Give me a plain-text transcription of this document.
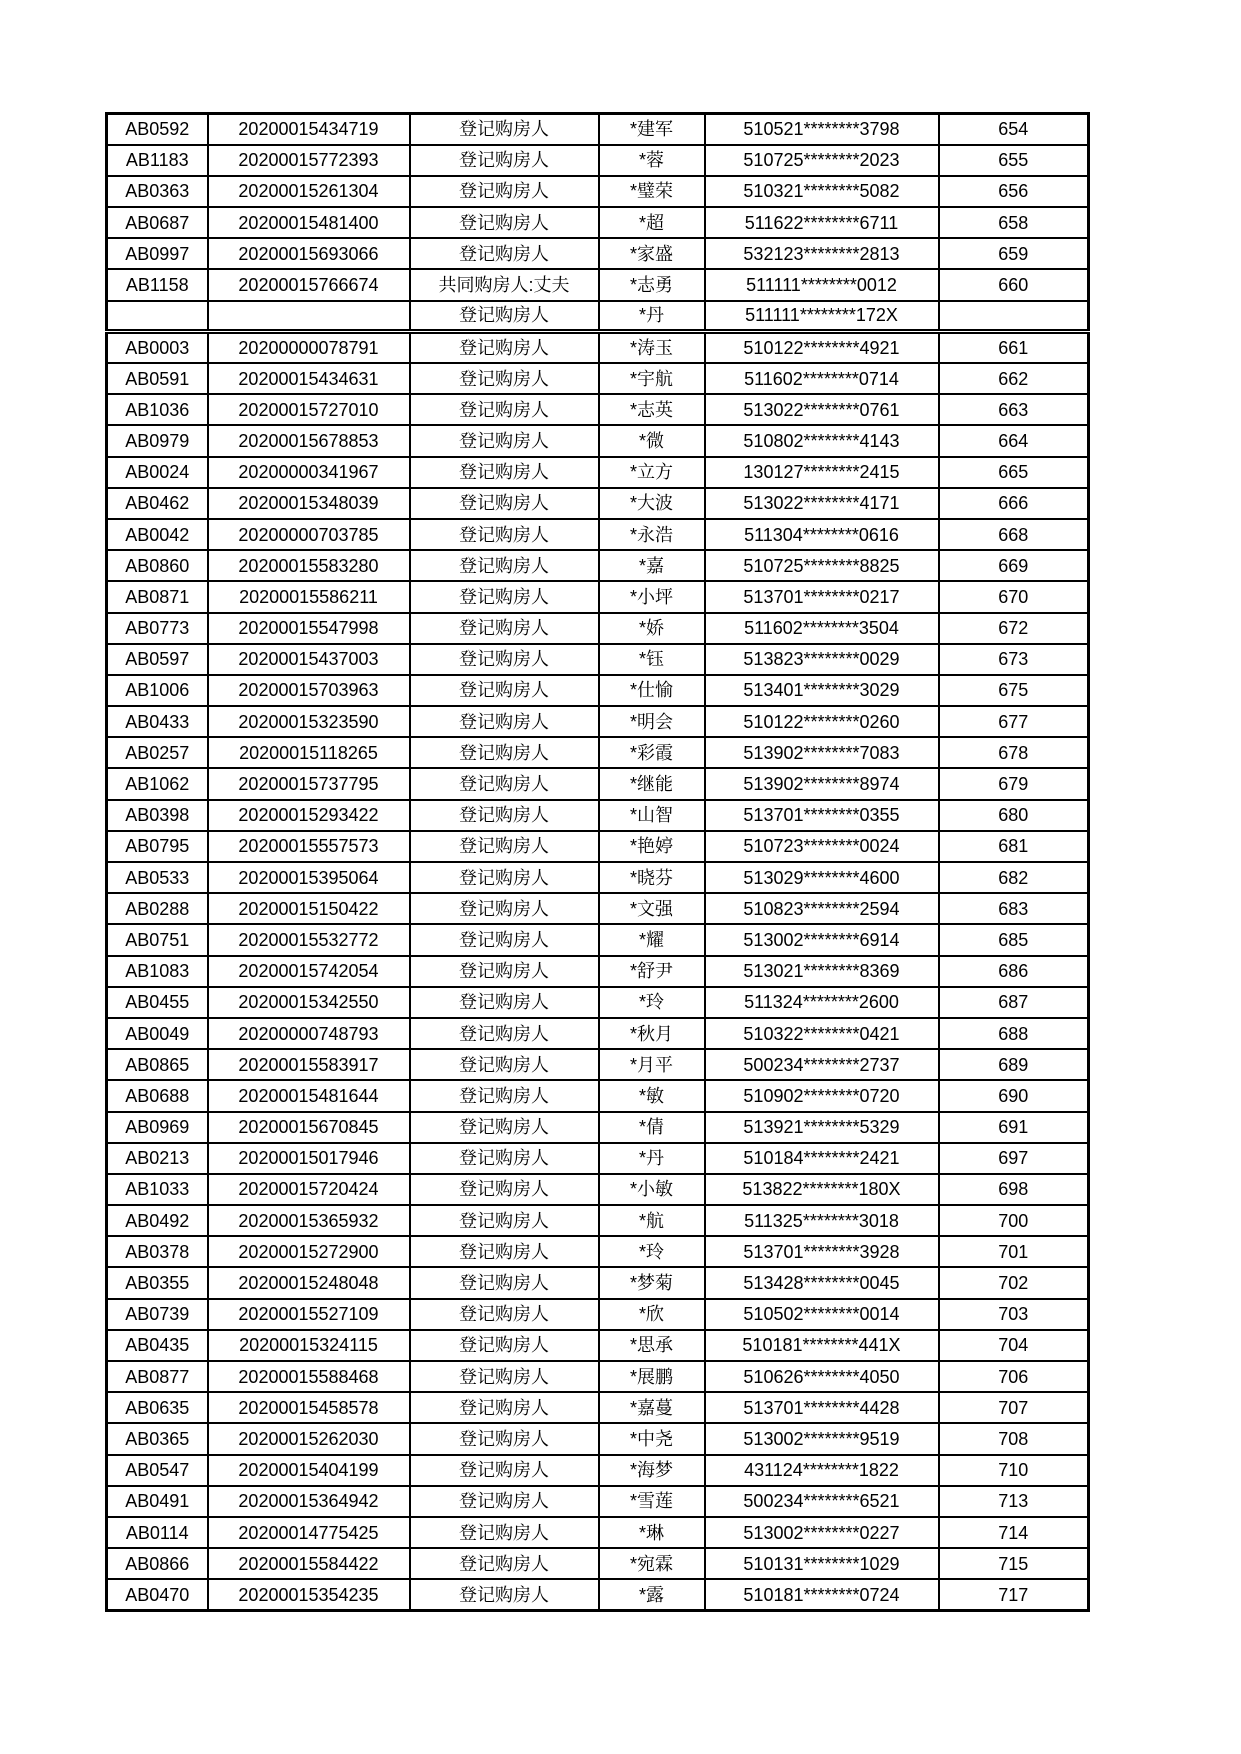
AB0592	20200015434719	登记购房人	*建军	510521********3798	654
AB1183	20200015772393	登记购房人	*蓉	510725********2023	655
AB0363	20200015261304	登记购房人	*璧荣	510321********5082	656
AB0687	20200015481400	登记购房人	*超	511622********6711	658
AB0997	20200015693066	登记购房人	*家盛	532123********2813	659
AB1158	20200015766674	共同购房人:丈夫	*志勇	511111********0012	660
		登记购房人	*丹	511111********172X	
AB0003	20200000078791	登记购房人	*涛玉	510122********4921	661
AB0591	20200015434631	登记购房人	*宇航	511602********0714	662
AB1036	20200015727010	登记购房人	*志英	513022********0761	663
AB0979	20200015678853	登记购房人	*微	510802********4143	664
AB0024	20200000341967	登记购房人	*立方	130127********2415	665
AB0462	20200015348039	登记购房人	*大波	513022********4171	666
AB0042	20200000703785	登记购房人	*永浩	511304********0616	668
AB0860	20200015583280	登记购房人	*嘉	510725********8825	669
AB0871	20200015586211	登记购房人	*小坪	513701********0217	670
AB0773	20200015547998	登记购房人	*娇	511602********3504	672
AB0597	20200015437003	登记购房人	*钰	513823********0029	673
AB1006	20200015703963	登记购房人	*仕愉	513401********3029	675
AB0433	20200015323590	登记购房人	*明会	510122********0260	677
AB0257	20200015118265	登记购房人	*彩霞	513902********7083	678
AB1062	20200015737795	登记购房人	*继能	513902********8974	679
AB0398	20200015293422	登记购房人	*山智	513701********0355	680
AB0795	20200015557573	登记购房人	*艳婷	510723********0024	681
AB0533	20200015395064	登记购房人	*晓芬	513029********4600	682
AB0288	20200015150422	登记购房人	*文强	510823********2594	683
AB0751	20200015532772	登记购房人	*耀	513002********6914	685
AB1083	20200015742054	登记购房人	*舒尹	513021********8369	686
AB0455	20200015342550	登记购房人	*玲	511324********2600	687
AB0049	20200000748793	登记购房人	*秋月	510322********0421	688
AB0865	20200015583917	登记购房人	*月平	500234********2737	689
AB0688	20200015481644	登记购房人	*敏	510902********0720	690
AB0969	20200015670845	登记购房人	*倩	513921********5329	691
AB0213	20200015017946	登记购房人	*丹	510184********2421	697
AB1033	20200015720424	登记购房人	*小敏	513822********180X	698
AB0492	20200015365932	登记购房人	*航	511325********3018	700
AB0378	20200015272900	登记购房人	*玲	513701********3928	701
AB0355	20200015248048	登记购房人	*梦菊	513428********0045	702
AB0739	20200015527109	登记购房人	*欣	510502********0014	703
AB0435	20200015324115	登记购房人	*思承	510181********441X	704
AB0877	20200015588468	登记购房人	*展鹏	510626********4050	706
AB0635	20200015458578	登记购房人	*嘉蔓	513701********4428	707
AB0365	20200015262030	登记购房人	*中尧	513002********9519	708
AB0547	20200015404199	登记购房人	*海梦	431124********1822	710
AB0491	20200015364942	登记购房人	*雪莲	500234********6521	713
AB0114	20200014775425	登记购房人	*琳	513002********0227	714
AB0866	20200015584422	登记购房人	*宛霖	510131********1029	715
AB0470	20200015354235	登记购房人	*露	510181********0724	717
